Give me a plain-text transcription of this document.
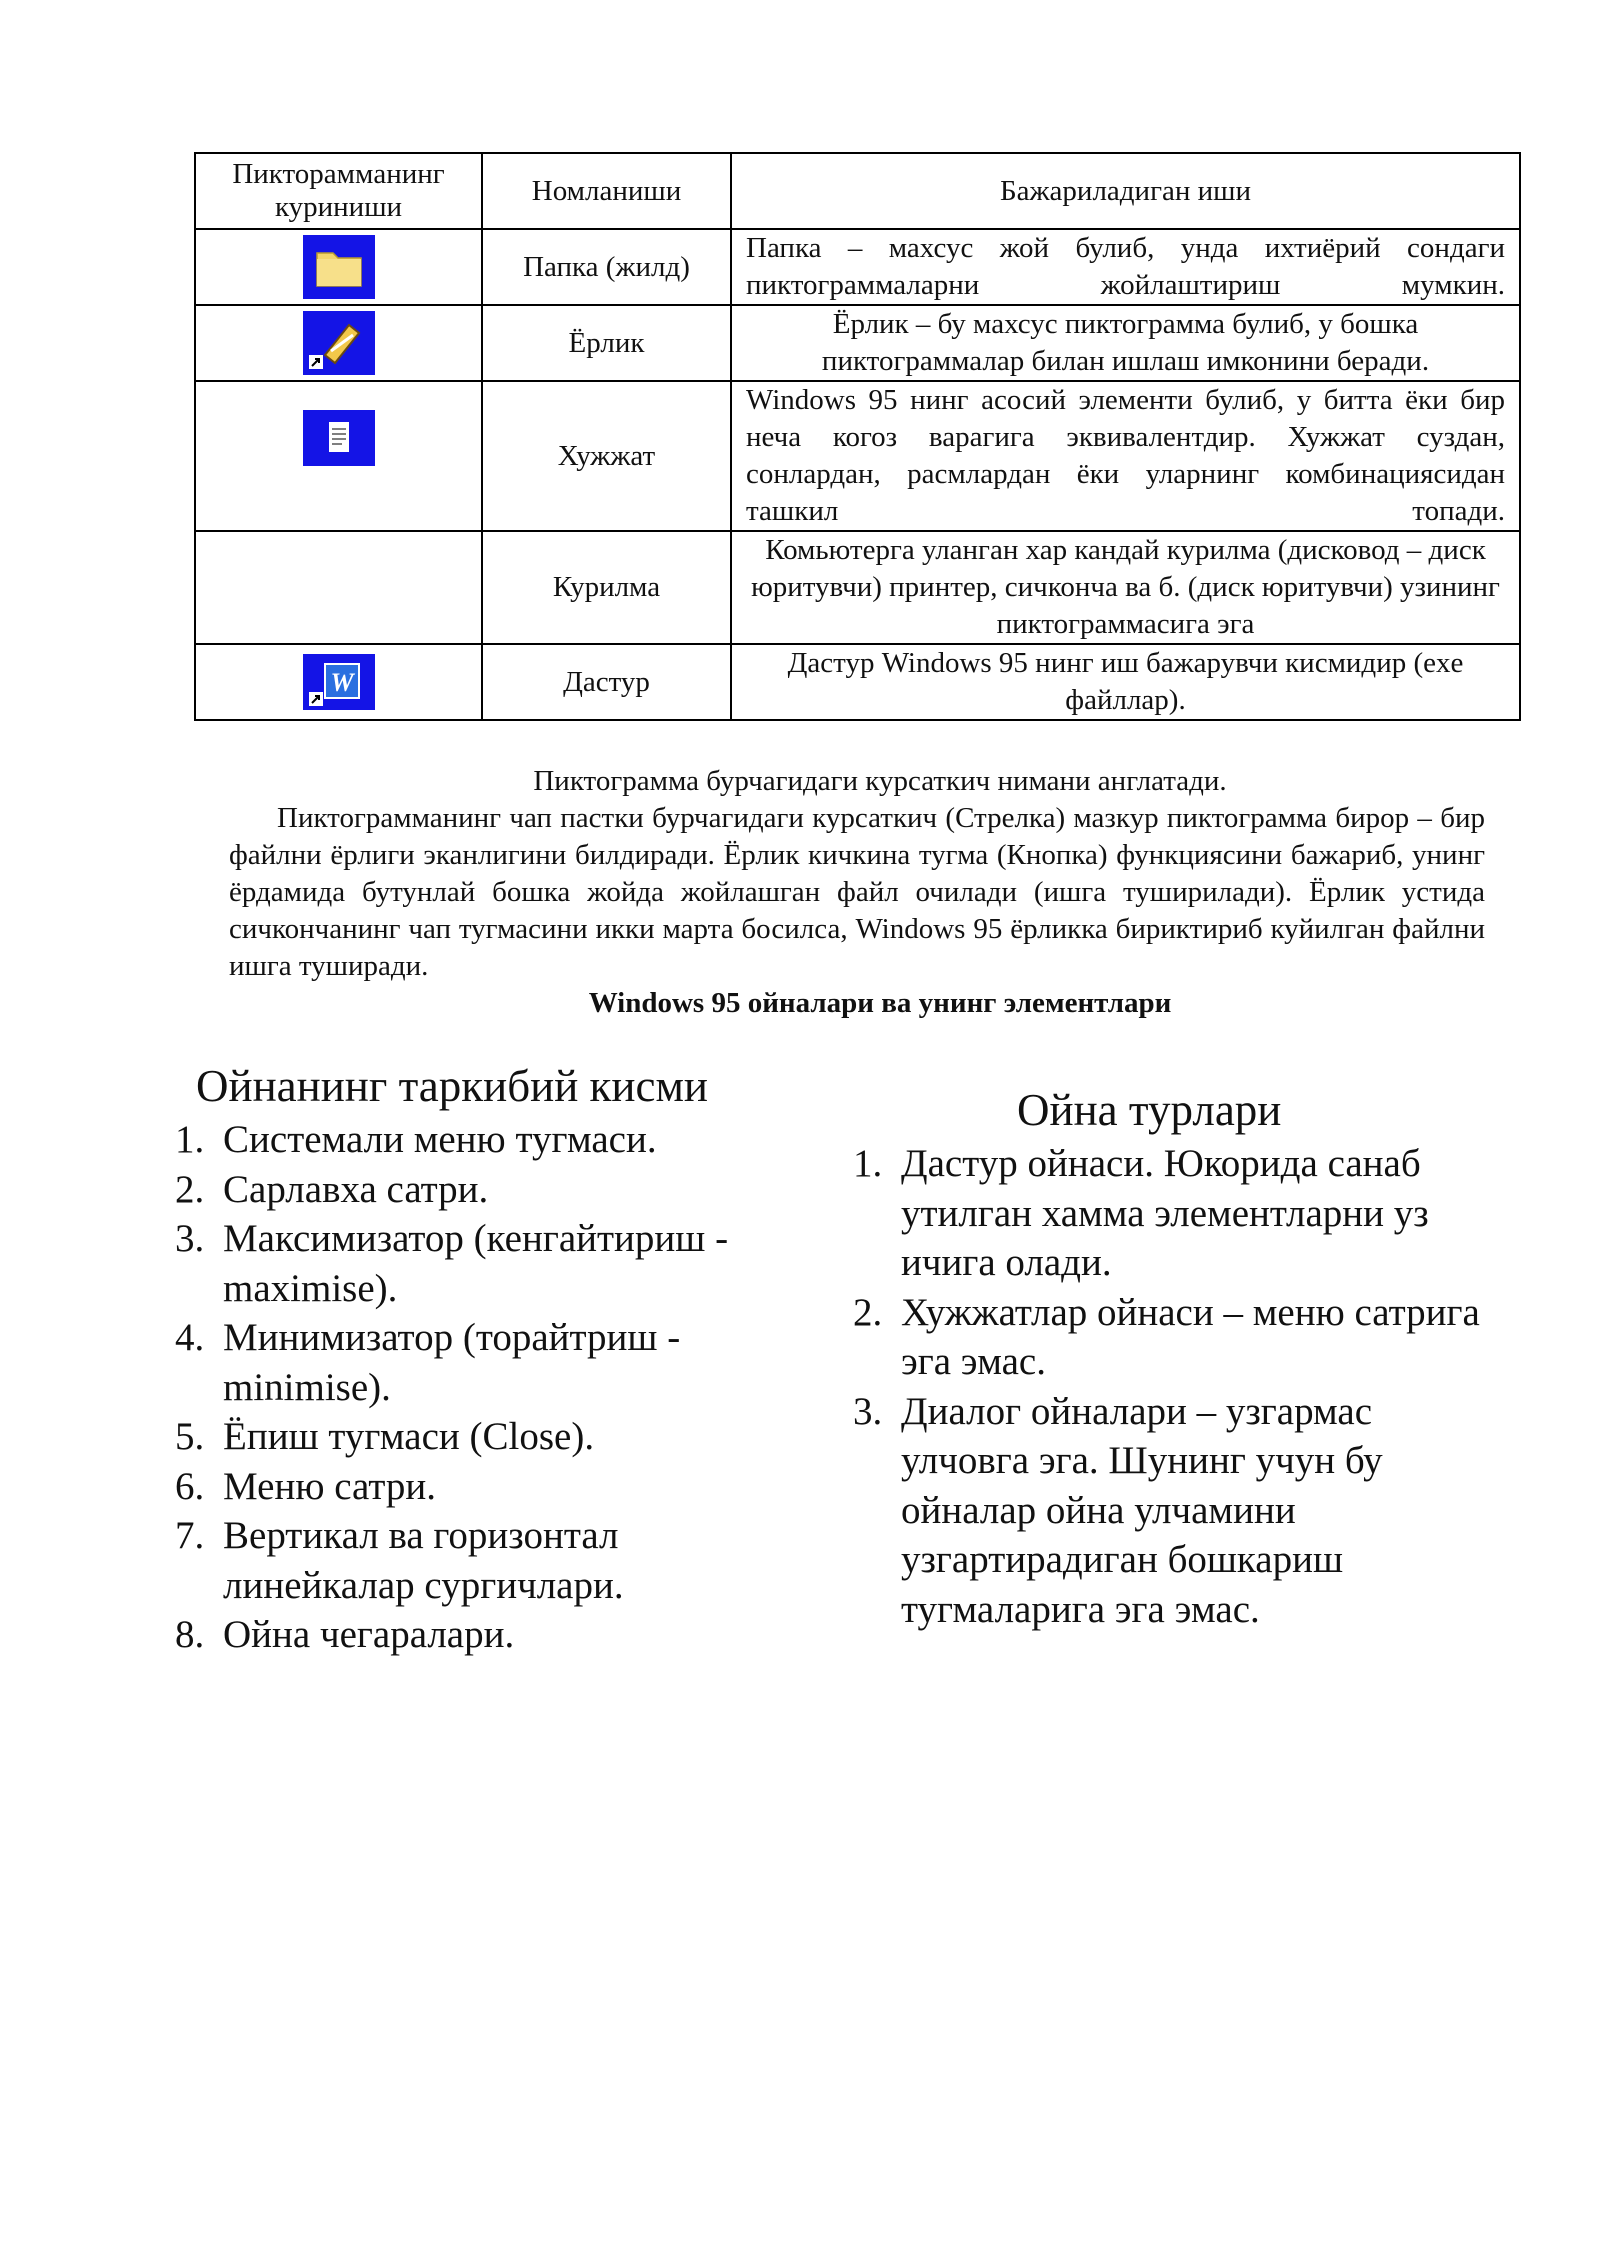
Пиктораммaнинг куриниши	Номланиши	Бажариладиган иши

	Папка (жилд)	Папка – махсус жой булиб, унда ихтиёрий сондаги пиктограммаларни жойлаштириш мумкин.

	Ёрлик	Ёрлик – бу махсус пиктограмма булиб, у бошка пиктограммалар билан ишлаш имконини беради.

	Хужжат	Windows 95 нинг асосий элементи булиб, у битта ёки бир неча когоз варагига эквивалентдир. Хужжат суздан, сонлардан, расмлардан ёки уларнинг комбинациясидан ташкил топади.
	Курилма	Комьютерга уланган хар кандай курилма (дисковод – диск юритувчи) принтер, сичконча ва б. (диск юритувчи) узининг пиктограммасига эга

W	Дастур	Дастур Windows 95 нинг иш бажарувчи кисмидир (exe файллар).
Пиктограмма бурчагидаги курсаткич нимани англатади.
Пиктограмманинг чап пастки бурчагидаги курсаткич (Стрелка) мазкур пиктограмма бирор – бир файлни ёрлиги эканлигини билдиради. Ёрлик кичкина тугма (Кнопка) функциясини бажариб, унинг ёрдамида бутунлай бошка жойда жойлашган файл очилади (ишга туширилади). Ёрлик устида сичкончанинг чап тугмасини икки марта босилса, Windows 95 ёрликка бириктириб куйилган файлни ишга туширади.
Windows 95 ойналари ва унинг элементлари
Ойнанинг таркибий кисми
1. Системали меню тугмаси.
2. Сарлавха сатри.
3. Максимизатор (кенгайтириш - maximise).
4. Минимизатор (торайтриш - minimise).
5. Ёпиш тугмаси (Close).
6. Меню сатри.
7. Вертикал ва горизонтал линейкалар сургичлари.
8. Ойна чегаралари.
Ойна турлари
1. Дастур ойнаси. Юкорида санаб утилган хамма элементларни уз ичига олади.
2. Хужжатлар ойнаси – меню сатрига эга эмас.
3. Диалог ойналари – узгармас улчовга эга. Шунинг учун бу ойналар ойна улчамини узгартирадиган бошкариш тугмаларига эга эмас.
